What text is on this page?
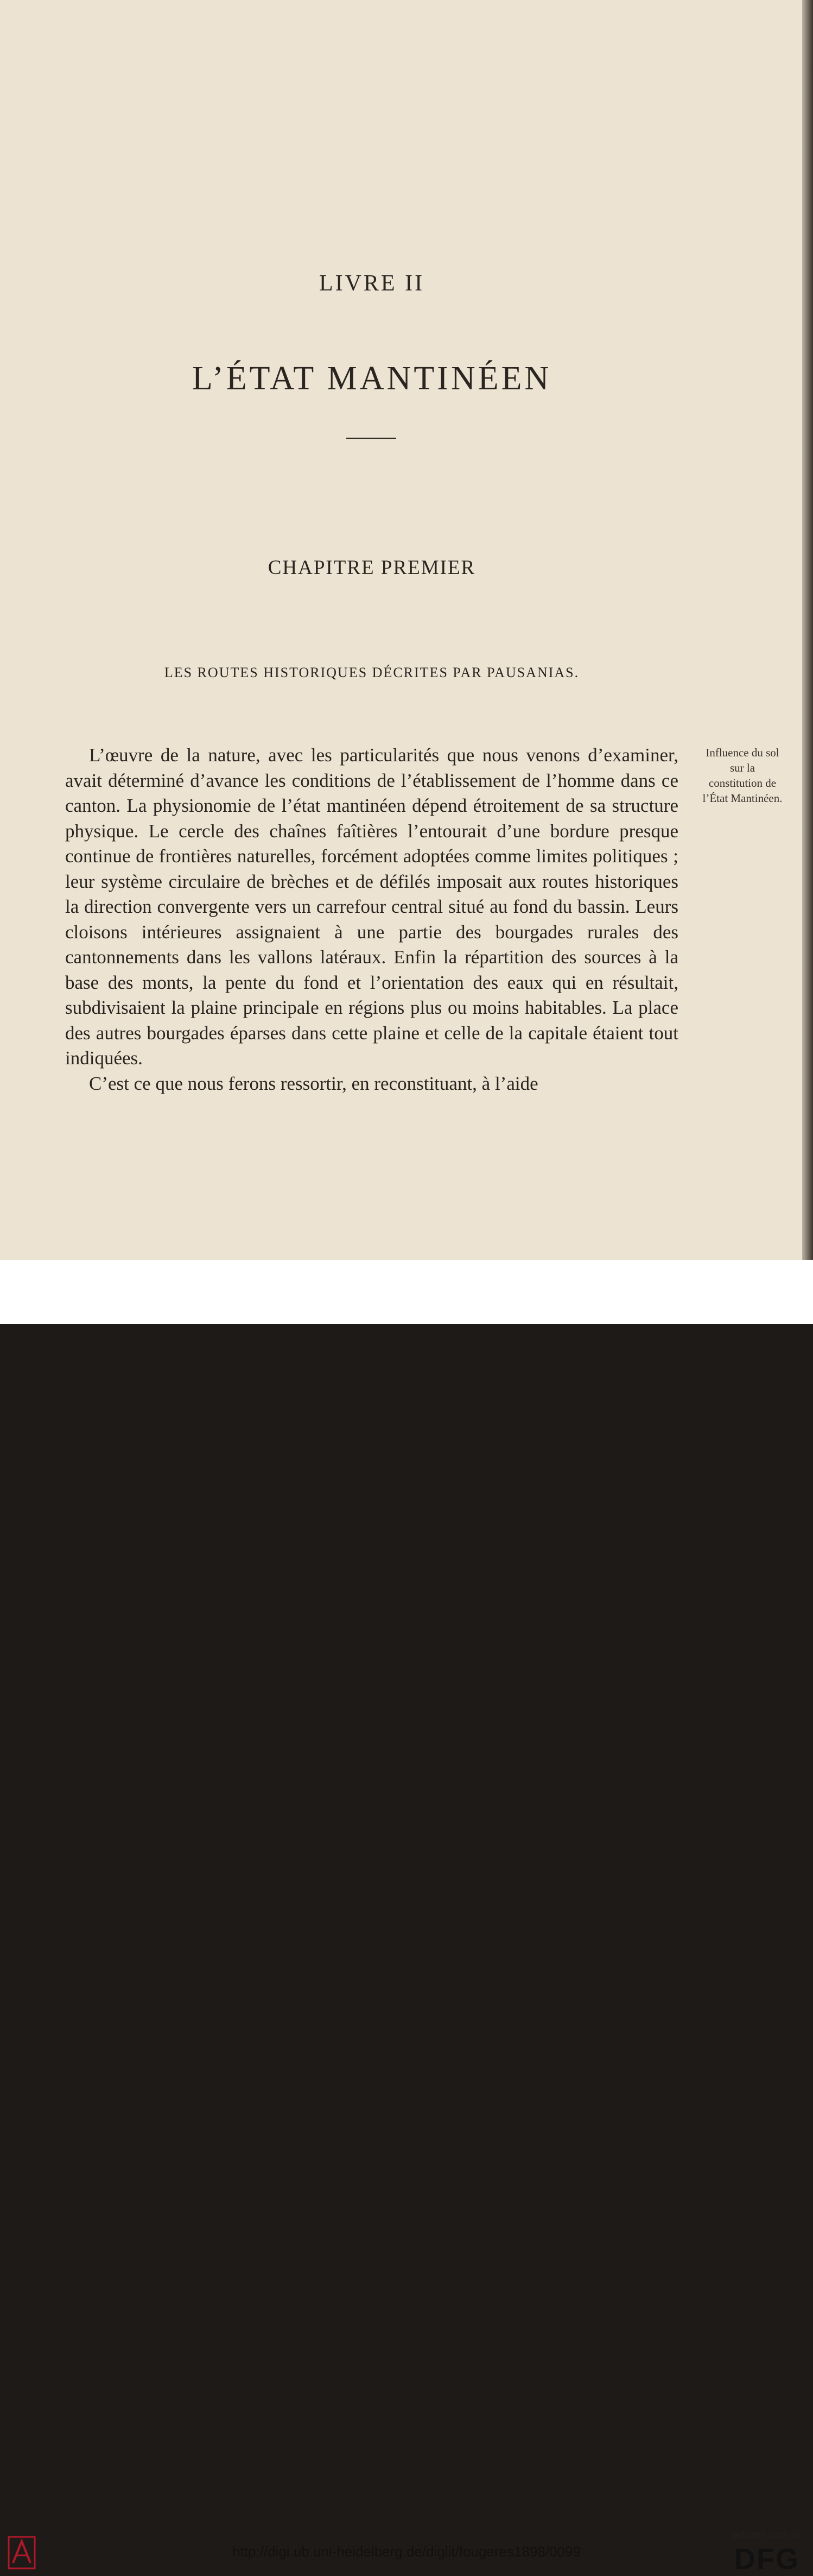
LIVRE II
L’ÉTAT MANTINÉEN
CHAPITRE PREMIER
LES ROUTES HISTORIQUES DÉCRITES PAR PAUSANIAS.

L’œuvre de la nature, avec les particularités que nous venons d’examiner, avait déterminé d’avance les conditions de l’établissement de l’homme dans ce canton. La physionomie de l’état mantinéen dépend étroitement de sa structure physique. Le cercle des chaînes faîtières l’entourait d’une bordure presque continue de frontières naturelles, forcément adoptées comme limites politiques ; leur système circulaire de brèches et de défilés imposait aux routes historiques la direction convergente vers un carrefour central situé au fond du bassin. Leurs cloisons intérieures assignaient à une partie des bourgades rurales des cantonnements dans les vallons latéraux. Enfin la répartition des sources à la base des monts, la pente du fond et l’orientation des eaux qui en résultait, subdivisaient la plaine principale en régions plus ou moins habitables. La place des autres bourgades éparses dans cette plaine et celle de la capitale étaient tout indiquées.

C’est ce que nous ferons ressortir, en reconstituant, à l’aide

Influence du sol
sur la
constitution de
l’État Mantinéen.
UNIVERSITÄTS-
BIBLIOTHEK
HEIDELBERG	http://digi.ub.uni-heidelberg.de/diglit/fougeres1898/0099
gefördert durch die
DFG
